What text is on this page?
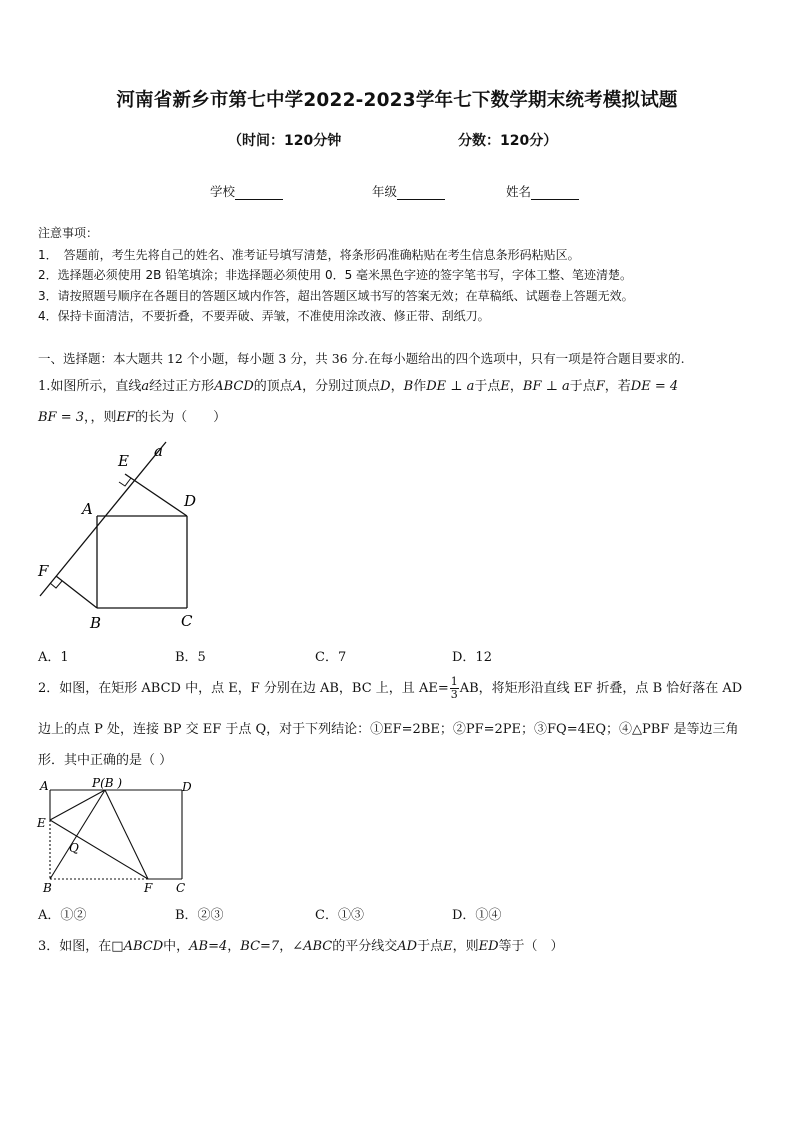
河南省新乡市第七中学2022-2023学年七下数学期末统考模拟试题
（时间：120分钟	分数：120分）
学校	年级	姓名
注意事项：
1．　答题前，考生先将自己的姓名、准考证号填写清楚，将条形码准确粘贴在考生信息条形码粘贴区。
2．选择题必须使用 2B 铅笔填涂；非选择题必须使用 0．5 毫米黑色字迹的签字笔书写，字体工整、笔迹清楚。
3．请按照题号顺序在各题目的答题区域内作答，超出答题区域书写的答案无效；在草稿纸、试题卷上答题无效。
4．保持卡面清洁，不要折叠，不要弄破、弄皱，不准使用涂改液、修正带、刮纸刀。
一、选择题：本大题共 12 个小题，每小题 3 分，共 36 分.在每小题给出的四个选项中，只有一项是符合题目要求的.
1.如图所示，直线a经过正方形ABCD的顶点A，分别过顶点D，B作DE ⊥ a于点E，BF ⊥ a于点F，若DE = 4
BF = 3，，则EF的长为（　　）
E
a
A	D
F
B	C
A．1	B．5	C．7	D．12
2．如图，在矩形 ABCD 中，点 E，F 分别在边 AB，BC 上，且 $AE= \frac{1}{3}$ AB，将矩形沿直线 EF 折叠，点 B 恰好落在 AD
边上的点 P 处，连接 BP 交 EF 于点 Q，对于下列结论：①EF=2BE；②PF=2PE；③FQ=4EQ；④△PBF 是等边三角
形．其中正确的是（ ）
A	P(B )	D
E
Q
B	F C
A．①②	B．②③	C．①③	D．①④
3．如图，在□ABCD中，AB=4，BC=7，∠ABC的平分线交AD于点E，则ED等于（　）
